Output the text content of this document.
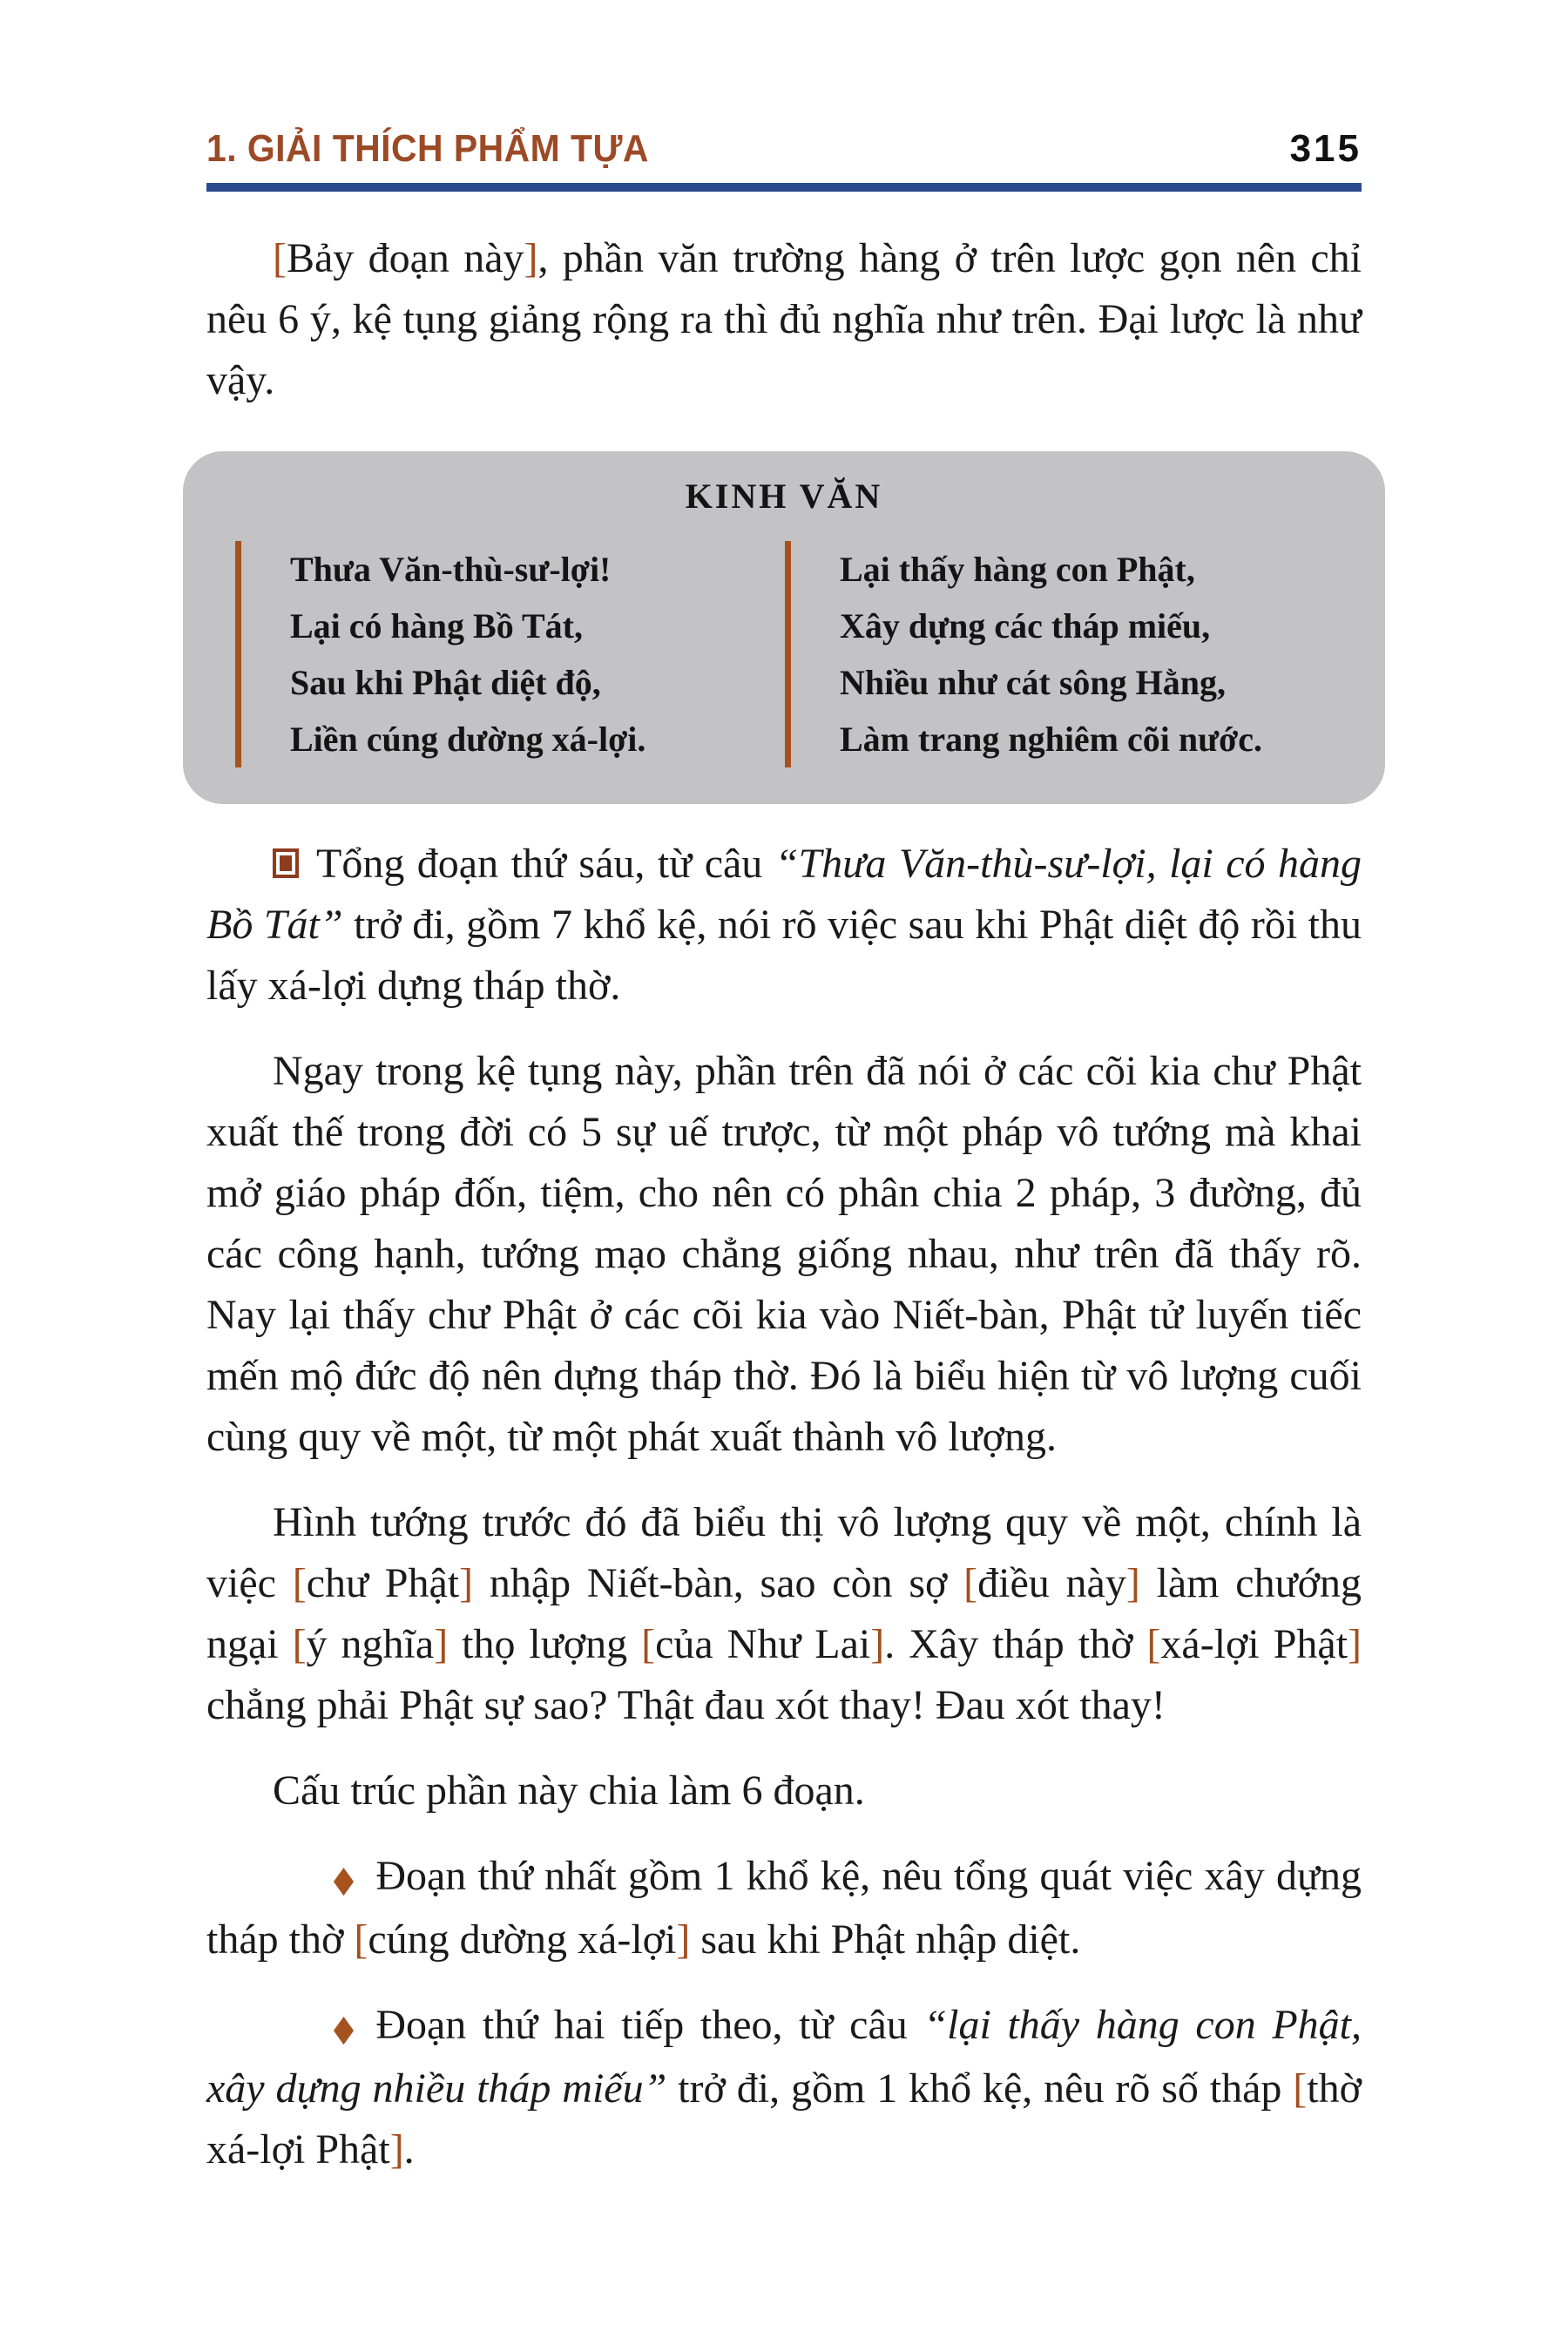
1. GIẢI THÍCH PHẨM TỰA	315

[Bảy đoạn này], phần văn trường hàng ở trên lược gọn nên chỉ nêu 6 ý, kệ tụng giảng rộng ra thì đủ nghĩa như trên. Đại lược là như vậy.

KINH VĂN
Thưa Văn-thù-sư-lợi!
Lại có hàng Bồ Tát,
Sau khi Phật diệt độ,
Liền cúng dường xá-lợi.
Lại thấy hàng con Phật,
Xây dựng các tháp miếu,
Nhiều như cát sông Hằng,
Làm trang nghiêm cõi nước.

Tổng đoạn thứ sáu, từ câu “Thưa Văn-thù-sư-lợi, lại có hàng Bồ Tát” trở đi, gồm 7 khổ kệ, nói rõ việc sau khi Phật diệt độ rồi thu lấy xá-lợi dựng tháp thờ.

Ngay trong kệ tụng này, phần trên đã nói ở các cõi kia chư Phật xuất thế trong đời có 5 sự uế trược, từ một pháp vô tướng mà khai mở giáo pháp đốn, tiệm, cho nên có phân chia 2 pháp, 3 đường, đủ các công hạnh, tướng mạo chẳng giống nhau, như trên đã thấy rõ. Nay lại thấy chư Phật ở các cõi kia vào Niết-bàn, Phật tử luyến tiếc mến mộ đức độ nên dựng tháp thờ. Đó là biểu hiện từ vô lượng cuối cùng quy về một, từ một phát xuất thành vô lượng.

Hình tướng trước đó đã biểu thị vô lượng quy về một, chính là việc [chư Phật] nhập Niết-bàn, sao còn sợ [điều này] làm chướng ngại [ý nghĩa] thọ lượng [của Như Lai]. Xây tháp thờ [xá-lợi Phật] chẳng phải Phật sự sao? Thật đau xót thay! Đau xót thay!

Cấu trúc phần này chia làm 6 đoạn.

◆ Đoạn thứ nhất gồm 1 khổ kệ, nêu tổng quát việc xây dựng tháp thờ [cúng dường xá-lợi] sau khi Phật nhập diệt.

◆ Đoạn thứ hai tiếp theo, từ câu “lại thấy hàng con Phật, xây dựng nhiều tháp miếu” trở đi, gồm 1 khổ kệ, nêu rõ số tháp [thờ xá-lợi Phật].
